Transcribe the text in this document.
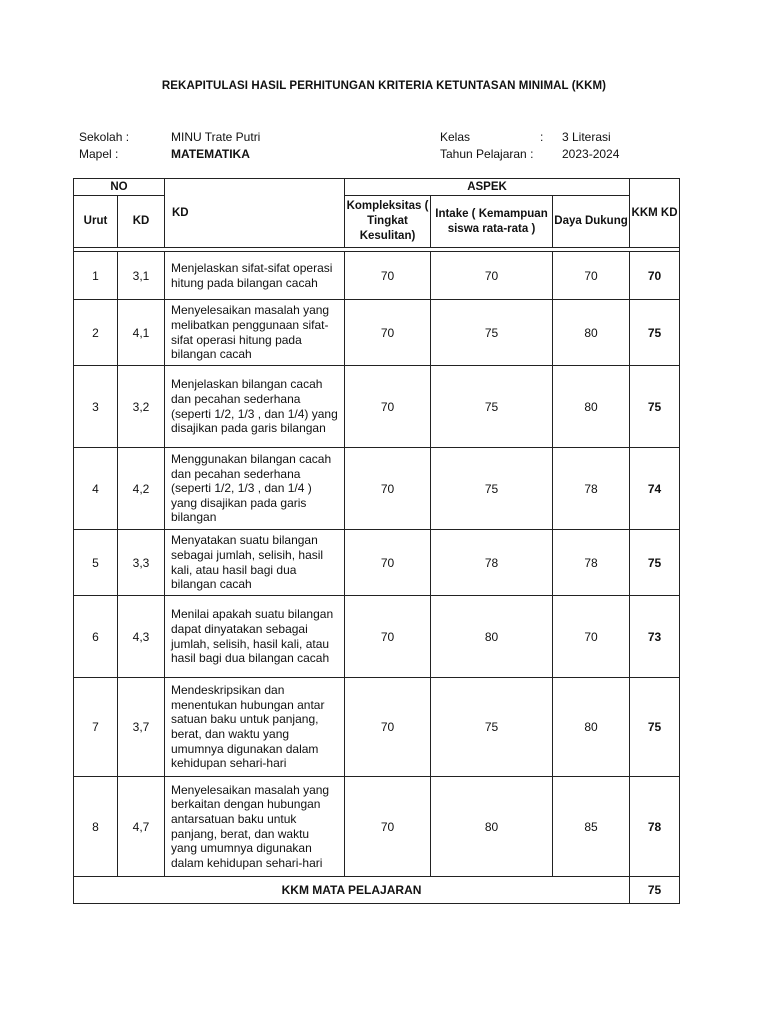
REKAPITULASI HASIL PERHITUNGAN KRITERIA KETUNTASAN MINIMAL (KKM)
Sekolah :	MINU Trate Putri
Mapel :	MATEMATIKA
Kelas	: 3 Literasi
Tahun Pelajaran : 2023-2024
NO		KD	ASPEK			KKM KD
Urut	KD		Kompleksitas ( Tingkat Kesulitan)	Intake ( Kemampuan siswa rata-rata )	Daya Dukung	

1	3,1	Menjelaskan sifat-sifat operasi hitung pada bilangan cacah	70	70	70	70
2	4,1	Menyelesaikan masalah yang melibatkan penggunaan sifat-sifat operasi hitung pada bilangan cacah	70	75	80	75
3	3,2	Menjelaskan bilangan cacah dan pecahan sederhana (seperti 1/2, 1/3 , dan 1/4) yang disajikan pada garis bilangan	70	75	80	75
4	4,2	Menggunakan bilangan cacah dan pecahan sederhana (seperti 1/2, 1/3 , dan 1/4 ) yang disajikan pada garis bilangan	70	75	78	74
5	3,3	Menyatakan suatu bilangan sebagai jumlah, selisih, hasil kali, atau hasil bagi dua bilangan cacah	70	78	78	75
6	4,3	Menilai apakah suatu bilangan dapat dinyatakan sebagai jumlah, selisih, hasil kali, atau hasil bagi dua bilangan cacah	70	80	70	73
7	3,7	Mendeskripsikan dan menentukan hubungan antar satuan baku untuk panjang, berat, dan waktu yang umumnya digunakan dalam kehidupan sehari-hari	70	75	80	75
8	4,7	Menyelesaikan masalah yang berkaitan dengan hubungan antarsatuan baku untuk panjang, berat, dan waktu yang umumnya digunakan dalam kehidupan sehari-hari	70	80	85	78
KKM MATA PELAJARAN						75
